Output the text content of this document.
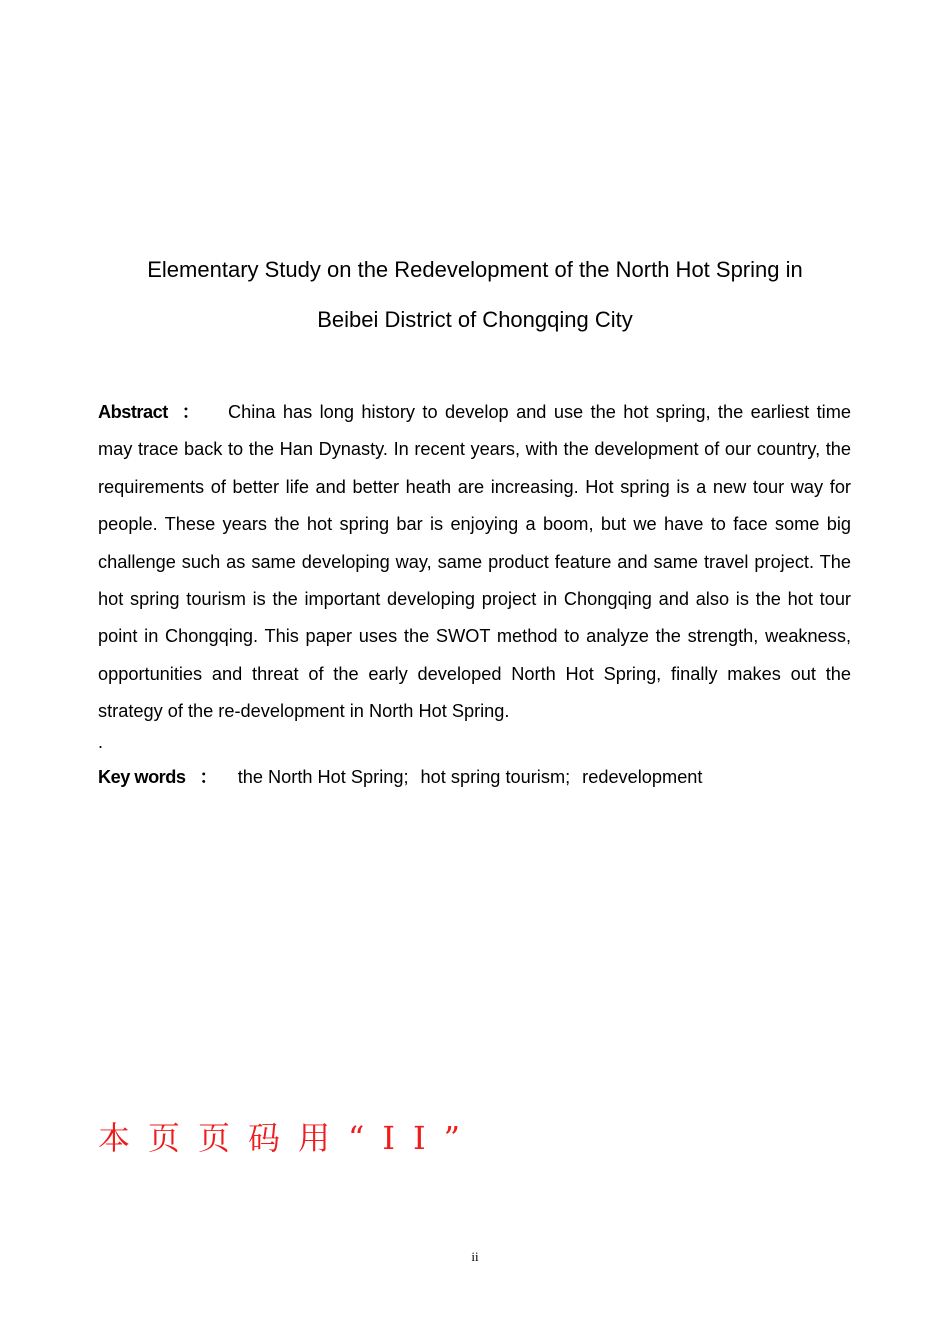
Elementary Study on the Redevelopment of the North Hot Spring in
Beibei District of Chongqing City

Abstract ： China has long history to develop and use the hot spring, the earliest time may trace back to the Han Dynasty. In recent years, with the development of our country, the requirements of better life and better heath are increasing. Hot spring is a new tour way for people. These years the hot spring bar is enjoying a boom, but we have to face some big challenge such as same developing way, same product feature and same travel project. The hot spring tourism is the important developing project in Chongqing and also is the hot tour point in Chongqing. This paper uses the SWOT method to analyze the strength, weakness, opportunities and threat of the early developed North Hot Spring, finally makes out the strategy of the re-development in North Hot Spring.

.
Key words ： the North Hot Spring; hot spring tourism; redevelopment
本页页码用“II”
ii
